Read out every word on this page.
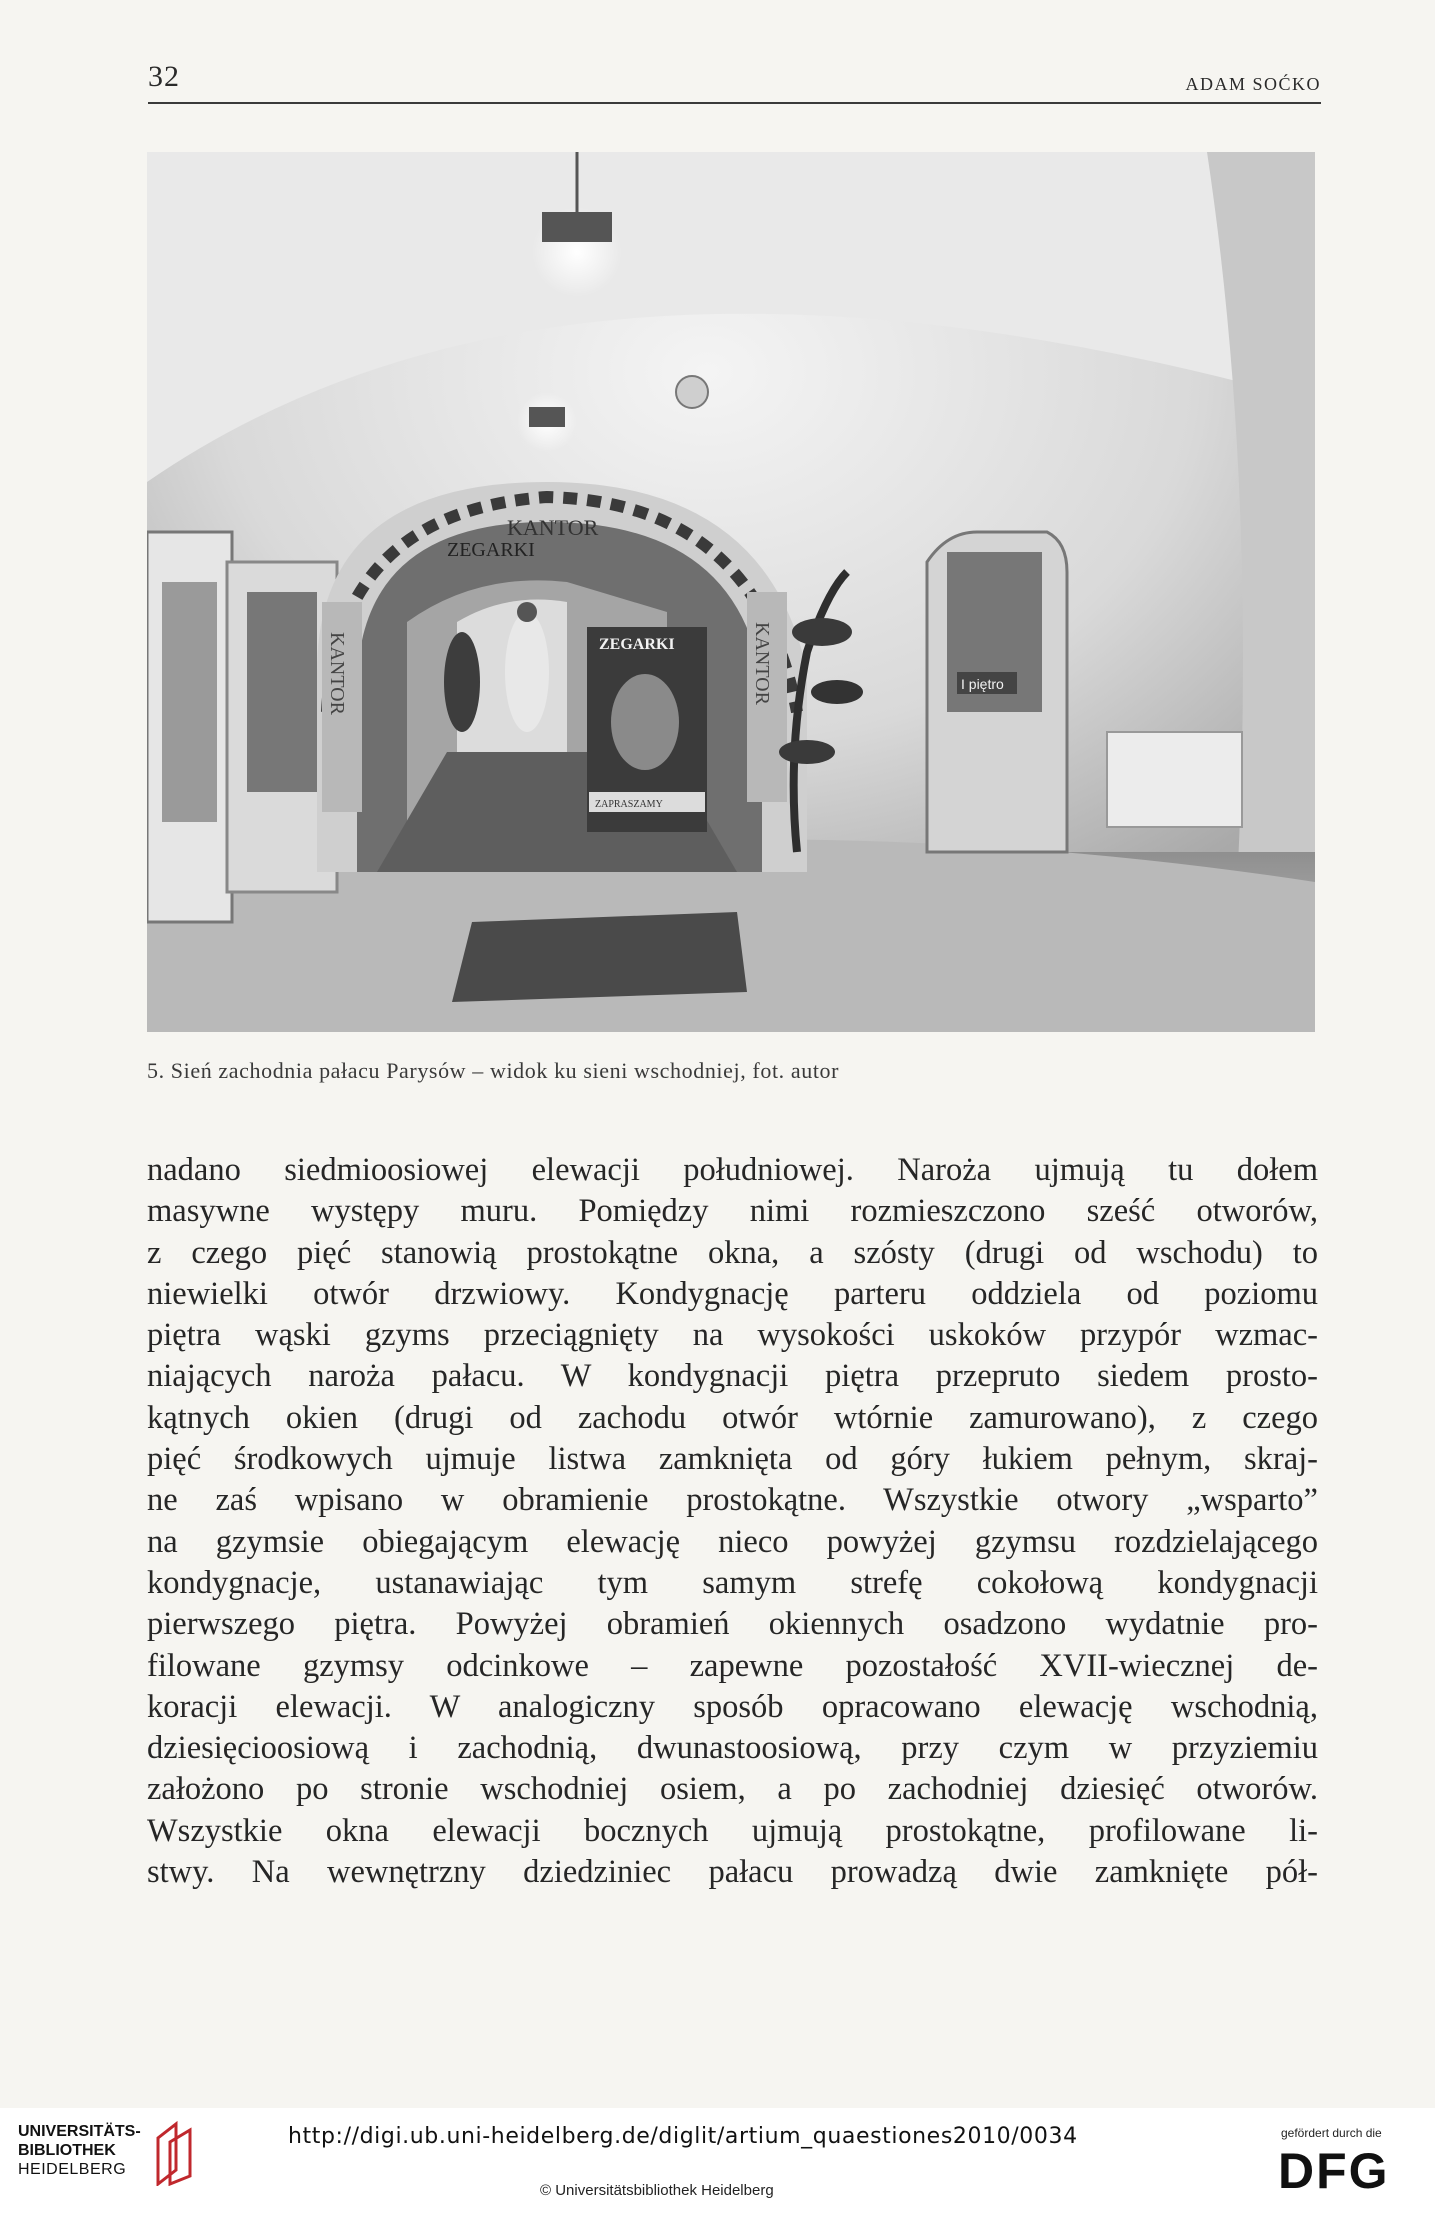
32	ADAM SOĆKO
KANTOR
ZEGARKI
KANTOR	KANTOR
ZEGARKI
ZAPRASZAMY
I piętro
5. Sień zachodnia pałacu Parysów – widok ku sieni wschodniej, fot. autor
nadano siedmioosiowej elewacji południowej. Naroża ujmują tu dołem
masywne występy muru. Pomiędzy nimi rozmieszczono sześć otworów,
z czego pięć stanowią prostokątne okna, a szósty (drugi od wschodu) to
niewielki otwór drzwiowy. Kondygnację parteru oddziela od poziomu
piętra wąski gzyms przeciągnięty na wysokości uskoków przypór wzmac-
niających naroża pałacu. W kondygnacji piętra przepruto siedem prosto-
kątnych okien (drugi od zachodu otwór wtórnie zamurowano), z czego
pięć środkowych ujmuje listwa zamknięta od góry łukiem pełnym, skraj-
ne zaś wpisano w obramienie prostokątne. Wszystkie otwory „wsparto”
na gzymsie obiegającym elewację nieco powyżej gzymsu rozdzielającego
kondygnacje, ustanawiając tym samym strefę cokołową kondygnacji
pierwszego piętra. Powyżej obramień okiennych osadzono wydatnie pro-
filowane gzymsy odcinkowe – zapewne pozostałość XVII-wiecznej de-
koracji elewacji. W analogiczny sposób opracowano elewację wschodnią,
dziesięcioosiową i zachodnią, dwunastoosiową, przy czym w przyziemiu
założono po stronie wschodniej osiem, a po zachodniej dziesięć otworów.
Wszystkie okna elewacji bocznych ujmują prostokątne, profilowane li-
stwy. Na wewnętrzny dziedziniec pałacu prowadzą dwie zamknięte pół-
UNIVERSITÄTS-
BIBLIOTHEK
HEIDELBERG
http://digi.ub.uni-heidelberg.de/diglit/artium_quaestiones2010/0034
© Universitätsbibliothek Heidelberg
gefördert durch die
DFG
